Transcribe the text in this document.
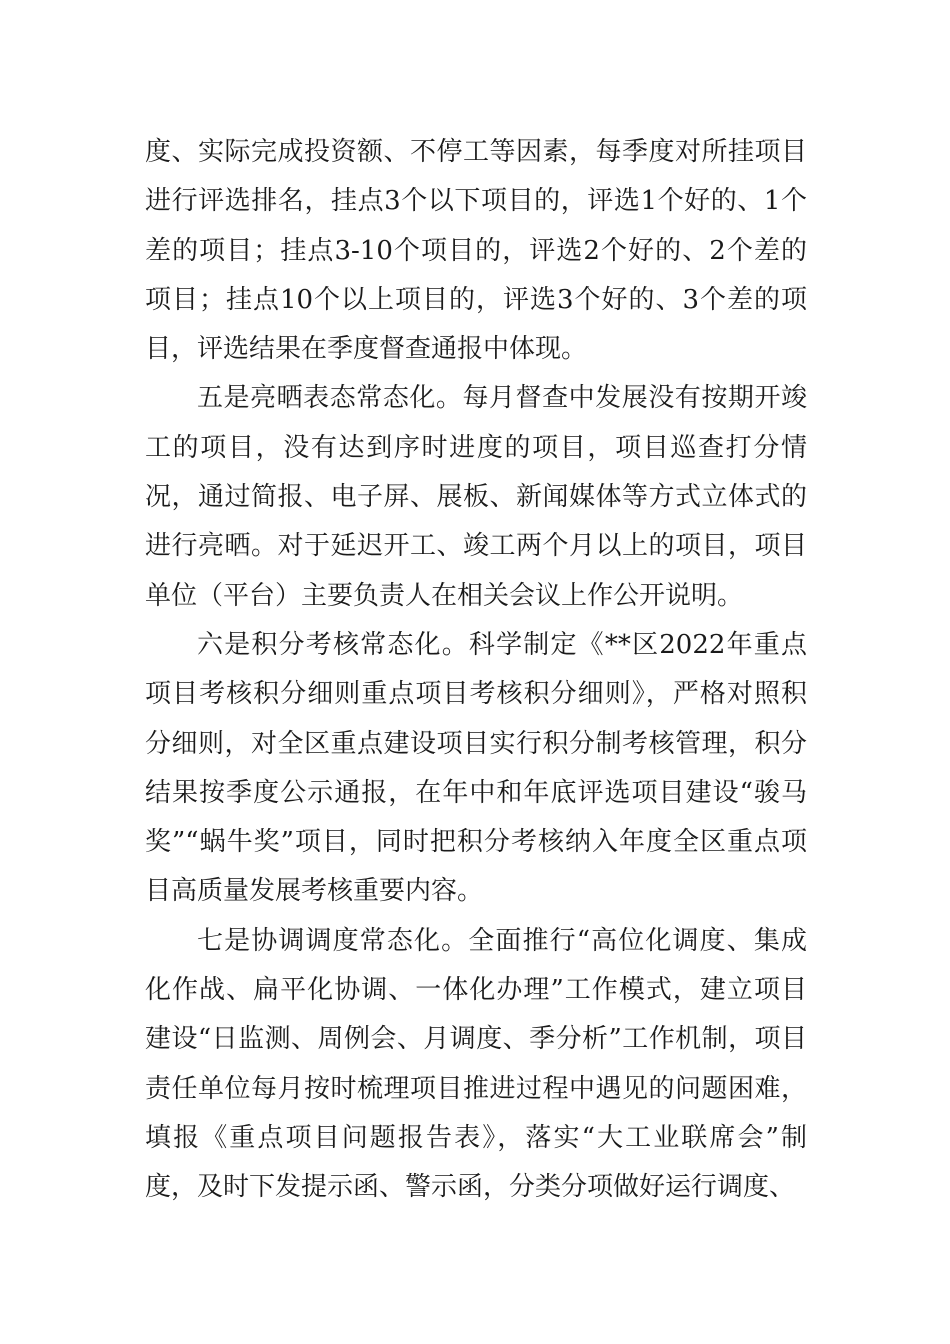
度、实际完成投资额、不停工等因素，每季度对所挂项目进行评选排名，挂点3个以下项目的，评选1个好的、1个差的项目；挂点3-10个项目的，评选2个好的、2个差的项目；挂点10个以上项目的，评选3个好的、3个差的项目，评选结果在季度督查通报中体现。

五是亮晒表态常态化。每月督查中发展没有按期开竣工的项目，没有达到序时进度的项目，项目巡查打分情况，通过简报、电子屏、展板、新闻媒体等方式立体式的进行亮晒。对于延迟开工、竣工两个月以上的项目，项目单位（平台）主要负责人在相关会议上作公开说明。

六是积分考核常态化。科学制定《**区2022年重点项目考核积分细则重点项目考核积分细则》，严格对照积分细则，对全区重点建设项目实行积分制考核管理，积分结果按季度公示通报，在年中和年底评选项目建设“骏马奖”“蜗牛奖”项目，同时把积分考核纳入年度全区重点项目高质量发展考核重要内容。

七是协调调度常态化。全面推行“高位化调度、集成化作战、扁平化协调、一体化办理”工作模式，建立项目建设“日监测、周例会、月调度、季分析”工作机制，项目责任单位每月按时梳理项目推进过程中遇见的问题困难，填报《重点项目问题报告表》，落实“大工业联席会”制度，及时下发提示函、警示函，分类分项做好运行调度、
